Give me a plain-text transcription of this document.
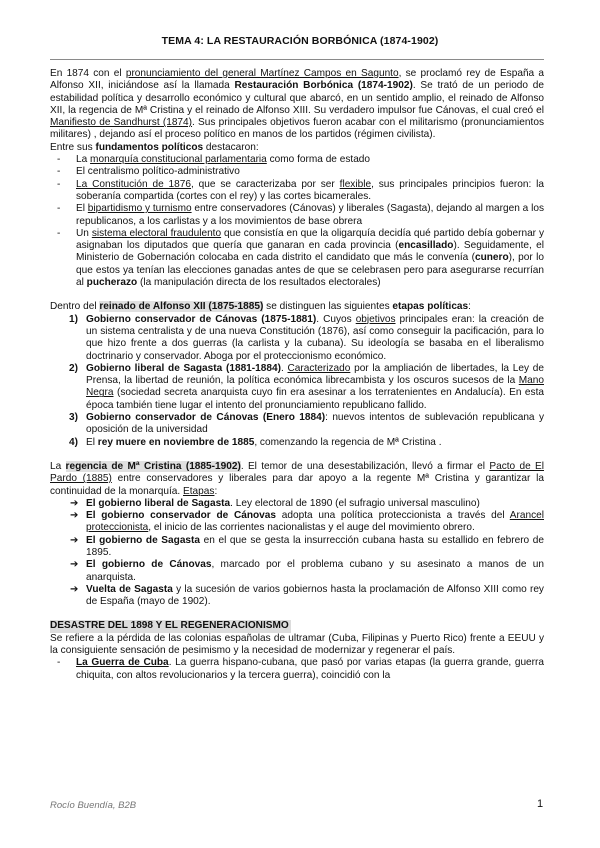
TEMA 4: LA RESTAURACIÓN BORBÓNICA (1874-1902)

En 1874 con el pronunciamiento del general Martínez Campos en Sagunto, se proclamó rey de España a Alfonso XII, iniciándose así la llamada Restauración Borbónica (1874-1902). Se trató de un periodo de estabilidad política y desarrollo económico y cultural que abarcó, en un sentido amplio, el reinado de Alfonso XII, la regencia de Mª Cristina y el reinado de Alfonso XIII. Su verdadero impulsor fue Cánovas, el cual creó el Manifiesto de Sandhurst (1874). Sus principales objetivos fueron acabar con el militarismo (pronunciamientos militares) , dejando así el proceso político en manos de los partidos (régimen civilista).

Entre sus fundamentos políticos destacaron:

- La monarquía constitucional parlamentaria como forma de estado
- El centralismo político-administrativo
- La Constitución de 1876, que se caracterizaba por ser flexible, sus principales principios fueron: la soberanía compartida (cortes con el rey) y las cortes bicamerales.
- El bipartidismo y turnismo entre conservadores (Cánovas) y liberales (Sagasta), dejando al margen a los republicanos, a los carlistas y a los movimientos de base obrera
- Un sistema electoral fraudulento que consistía en que la oligarquía decidía qué partido debía gobernar y asignaban los diputados que quería que ganaran en cada provincia (encasillado). Seguidamente, el Ministerio de Gobernación colocaba en cada distrito el candidato que más le convenía (cunero), por lo que estos ya tenían las elecciones ganadas antes de que se celebrasen pero para asegurarse recurrían al pucherazo (la manipulación directa de los resultados electorales)

Dentro del reinado de Alfonso XII (1875-1885) se distinguen las siguientes etapas políticas:

1) Gobierno conservador de Cánovas (1875-1881). Cuyos objetivos principales eran: la creación de un sistema centralista y de una nueva Constitución (1876), así como conseguir la pacificación, para lo que hizo frente a dos guerras (la carlista y la cubana). Su ideología se basaba en el liberalismo doctrinario y conservador. Aboga por el proteccionismo económico.
2) Gobierno liberal de Sagasta (1881-1884). Caracterizado por la ampliación de libertades, la Ley de Prensa, la libertad de reunión, la política económica librecambista y los oscuros sucesos de la Mano Negra (sociedad secreta anarquista cuyo fin era asesinar a los terratenientes en Andalucía). En esta época también tiene lugar el intento del pronunciamiento republicano fallido.
3) Gobierno conservador de Cánovas (Enero 1884): nuevos intentos de sublevación republicana y oposición de la universidad
4) El rey muere en noviembre de 1885, comenzando la regencia de Mª Cristina .

La regencia de Mª Cristina (1885-1902). El temor de una desestabilización, llevó a firmar el Pacto de El Pardo (1885) entre conservadores y liberales para dar apoyo a la regente Mª Cristina y garantizar la continuidad de la monarquía. Etapas:

➔ El gobierno liberal de Sagasta. Ley electoral de 1890 (el sufragio universal masculino)
➔ El gobierno conservador de Cánovas adopta una política proteccionista a través del Arancel proteccionista, el inicio de las corrientes nacionalistas y el auge del movimiento obrero.
➔ El gobierno de Sagasta en el que se gesta la insurrección cubana hasta su estallido en febrero de 1895.
➔ El gobierno de Cánovas, marcado por el problema cubano y su asesinato a manos de un anarquista.
➔ Vuelta de Sagasta y la sucesión de varios gobiernos hasta la proclamación de Alfonso XIII como rey de España (mayo de 1902).

DESASTRE DEL 1898 Y EL REGENERACIONISMO

Se refiere a la pérdida de las colonias españolas de ultramar (Cuba, Filipinas y Puerto Rico) frente a EEUU y la consiguiente sensación de pesimismo y la necesidad de modernizar y regenerar el país.

- La Guerra de Cuba. La guerra hispano-cubana, que pasó por varias etapas (la guerra grande, guerra chiquita, con altos revolucionarios y la tercera guerra), coincidió con la
Rocío Buendía, B2B	1
